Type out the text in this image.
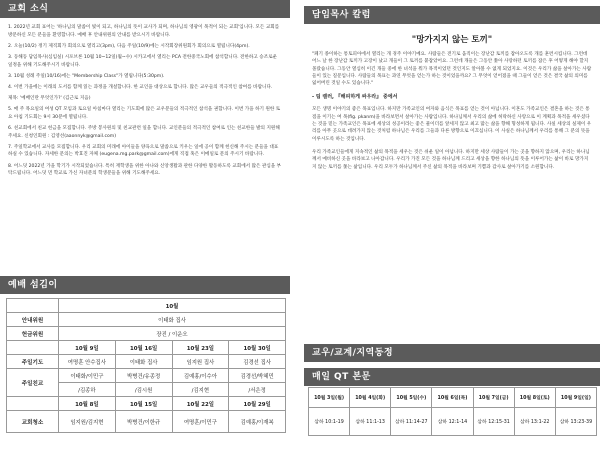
교회 소식

1. 2022년 교회 표어는 '하나님의 말씀이 빛이 되고, 하나님의 뜻이 교사가 되며, 하나님의 영광이 목적이 되는 교회'입니다. 모든 교회를 방문하신 모든 분들을 환영합니다. 예배 후 안내위원의 안내를 받으시기 바랍니다.

2. 오늘(10/2) 정기 제직회가 회의으로 열리고(3pm), 다음 주일(10/9)에는 시작회장위원회가 회의으로 열립니다(4pm).

3. 동해동 담임목사(심임실) 시포브론 10월 10~12일(월~수) 시카고에서 열리는 PCA 전한중국노회에 참석합니다. 전한하고 승조로운 일정을 위해 기도해주시기 바랍니다.

3. 10월 성례 주일(10/16)에는 "Membership Class"가 열립니다(5:30pm).

4. 이번 가을에는 이래의 도서를 함께 읽는 과정을 개설합니다. 한 교인을 대상으로 합니다. 많은 교우들의 적극적인 참여를 바랍니다.

제목: '예배인란 무엇인가?' (김근로 지음)

5. 매 주 목요일의 여성 QT 모임과 토요일 아침마다 열리는 기도회에 많은 교우분들의 적극적인 참석을 권합니다. 이번 가을 하기 원한 토요 아침 기도회는 9시 30분에 열립니다.

6. 친교회에서 친교 헌금을 모집합니다. 주방 봉사원의 및 친교관련 일을 합니다. 교인분들의 적극적인 참여로 인는 친교한들 발의 지원해주세요. 신청인회원 : 김영선(aaonnyk@gmail.com)

7. 주일학교에서 교사를 모집합니다. 우리 교회의 미래에 아이들을 양육으로 말씀으로 키우는 일에 공이 함께 헌신해 주시는 분들을 대표 하실 수 있습니다. 자세한 문의는 박효진 자체 (eugena.mg.park@gmail.com)에게 직접 혹은 이메일로 문의 주시기 바랍니다.

8. 어느덧 2022년 가을 학기가 시작되었습니다. 특히 재학생을 위한 아나와 신앙생활과 관한 다양한 활동하도록 교회에서 많은 관심을 부탁드립니다. 어느덧 먼 학교로 가신 자녀분의 학생분들을 위해 기도해주세요.

예배 섬김이
	10월			
안내위원	이태화 집사			
헌금위원	장진 / 이운오			
	10월 9일	10월 16일	10월 23일	10월 30일
주일기도	여명훈 안수집사	이태화 집사	임지원 집사	김경선 집사
주일친교	이태화/이민구	박병건/유종정	김예홍/이수아	김경선/박혜민
	/김종하	/김시원	/김지현	/서은정
	10월 8일	10월 15일	10월 22일	10월 29일
교회청소	임지원/김지현	박병건/이한규	여명훈/이민구	김예홍/이재복
담임목사 칼럼
"망가지지 않는 토끼"

"폐기 종이하는 통토피아에서 열리는 개 경주 이야기예요. 사람들은 전기로 움직이는 장난감 토끼를 잡아오도록 개를 훈련시킵니다. 그런데 어느 날 한 장난감 토끼가 고장이 났고 개들이 그 토끼를 붙잡았어요. 그런데 개들은 그동안 쫓아 사랑하던 토끼를 잡은 후 어떻게 해야 할지 몰랐습니다. 그동안 열심히 이긴 개들 중에 한 녀석을 뭐가 목적이었던 것인지도 알아볼 수 없게 되었지요. 이것은 우리가 삶을 살아가는 사람들이 있는 질문입니다. 사람들의 목표는 과연 무엇을 얻는가 하는 것이었을까요? 그 무엇이 얻어졌을 때 그들이 얻은 것은 결국 삶의 의미를 잃어버린 것일 수도 있습니다."

- 팀 켈러, 『해피하게 싸우라』 중에서

모든 생명 이야기의 좋은 목표입니다. 하지만 가족교인의 여자와 음식은 목표를 얻는 것이 아닙니다. 이혼도 가족교인은 결혼을 하는 것은 통점을 이기는 여 목(fig. pkanm)을 바라보면서 살아가는 사람입니다. 하나님께서 우리의 삶에 허락하신 사랑으로 이 계획과 목적을 세우셨다는 것을 믿는 가족교인은 목표에 세상의 성공이라는 좋은 물이더를 앞세지 않고 최고 많는 삶을 향해 형성하게 됩니다. 사실 세상의 실제이 우리를 아무 곳으로 데려가지 않는 것처럼 하나님은 우리를 그들과 다른 방향으로 이끄십니다. 이 사실은 하나님께서 우리를 통해 그 분의 뜻을 이루시도록 하는 것입니다.

우리 가족교인들에게 지속적인 삶의 목적을 세우는 것은 쉬운 일이 아닙니다. 하지만 세상 사람들이 가는 곳을 향하지 않으며, 우리는 하나님께서 예비하신 곳을 바라보고 나아갑니다. 우리가 가진 모든 것을 하나님께 드리고 세상을 향한 하나님의 뜻을 이루어가는 삶이 바로 망가지지 않는 토끼를 쫓는 삶입니다. 우리 모두가 하나님께서 주신 삶의 목적을 바라보며 기쁨과 감사로 살아가기를 소원합니다.

교우/교계/지역동정
매일 QT 본문
10월 3일(월)	10월 4일(화)	10월 5일(수)	10월 6일(목)	10월 7일(금)	10월 8일(토)	10월 9일(일)
삼하 10:1-19	삼하 11:1-13	삼하 11:14-27	삼하 12:1-14	삼하 12:15-31	삼하 13:1-22	삼하 13:23-39
